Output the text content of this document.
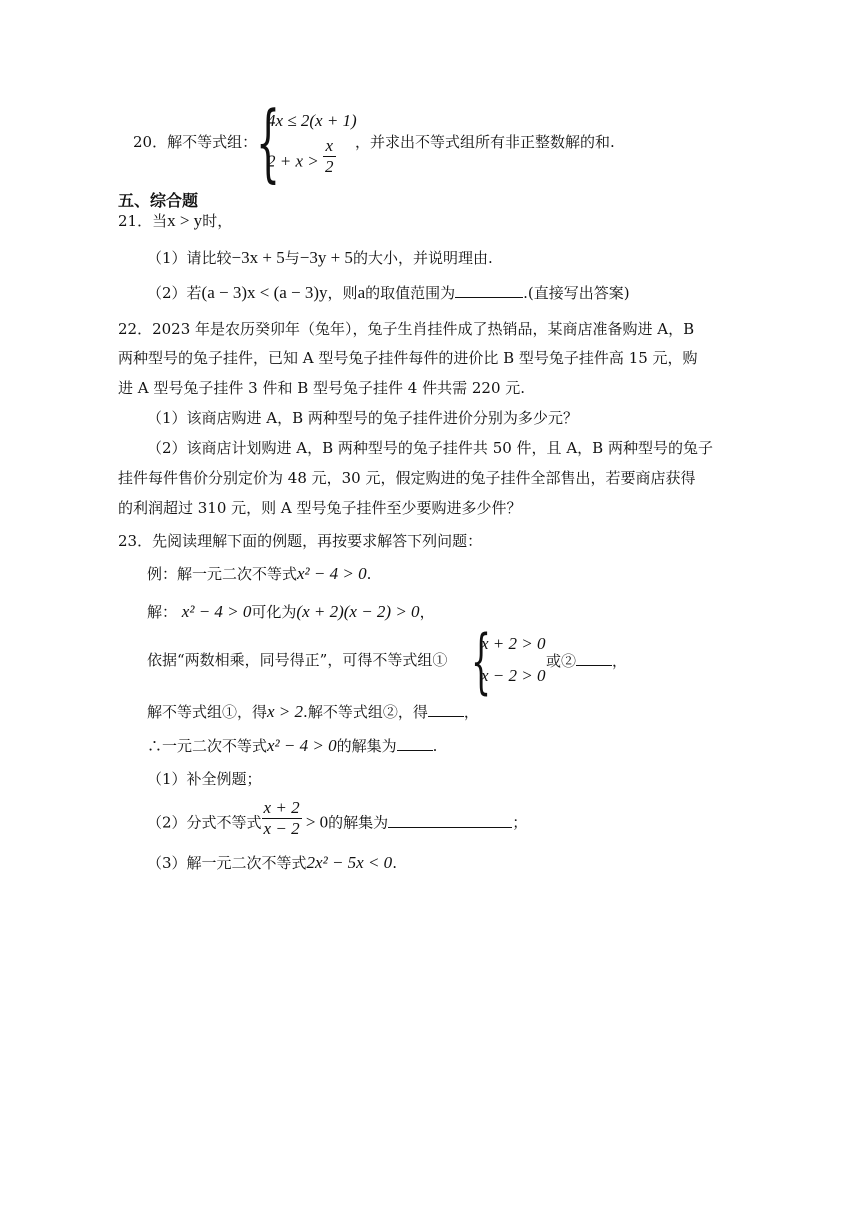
20．解不等式组：
{
4x ≤ 2(x + 1)
$2 + x > \frac{x}{2}$ ，并求出不等式组所有非正整数解的和.
五、综合题
21．当x > y时，
（1）请比较−3x + 5与−3y + 5的大小，并说明理由.
（2）若(a − 3)x < (a − 3)y，则a的取值范围为	.(直接写出答案)
22．2023 年是农历癸卯年（兔年），兔子生肖挂件成了热销品，某商店准备购进 A，B
两种型号的兔子挂件，已知 A 型号兔子挂件每件的进价比 B 型号兔子挂件高 15 元，购
进 A 型号兔子挂件 3 件和 B 型号兔子挂件 4 件共需 220 元.
（1）该商店购进 A，B 两种型号的兔子挂件进价分别为多少元？
（2）该商店计划购进 A，B 两种型号的兔子挂件共 50 件，且 A，B 两种型号的兔子
挂件每件售价分别定价为 48 元，30 元，假定购进的兔子挂件全部售出，若要商店获得
的利润超过 310 元，则 A 型号兔子挂件至少要购进多少件？
23．先阅读理解下面的例题，再按要求解答下列问题：
例：解一元二次不等式x² − 4 > 0.
解： x² − 4 > 0可化为(x + 2)(x − 2) > 0，
依据“两数相乘，同号得正”，可得不等式组① {
x + 2 > 0
x − 2 > 0
或② ，
解不等式组①，得x > 2.解不等式组②，得 ，
∴一元二次不等式x² − 4 > 0的解集为 .
（1）补全例题；
（2）分式不等式 $\frac{x + 2}{x - 2} > 0$的解集为	；
（3）解一元二次不等式2x² − 5x < 0.
